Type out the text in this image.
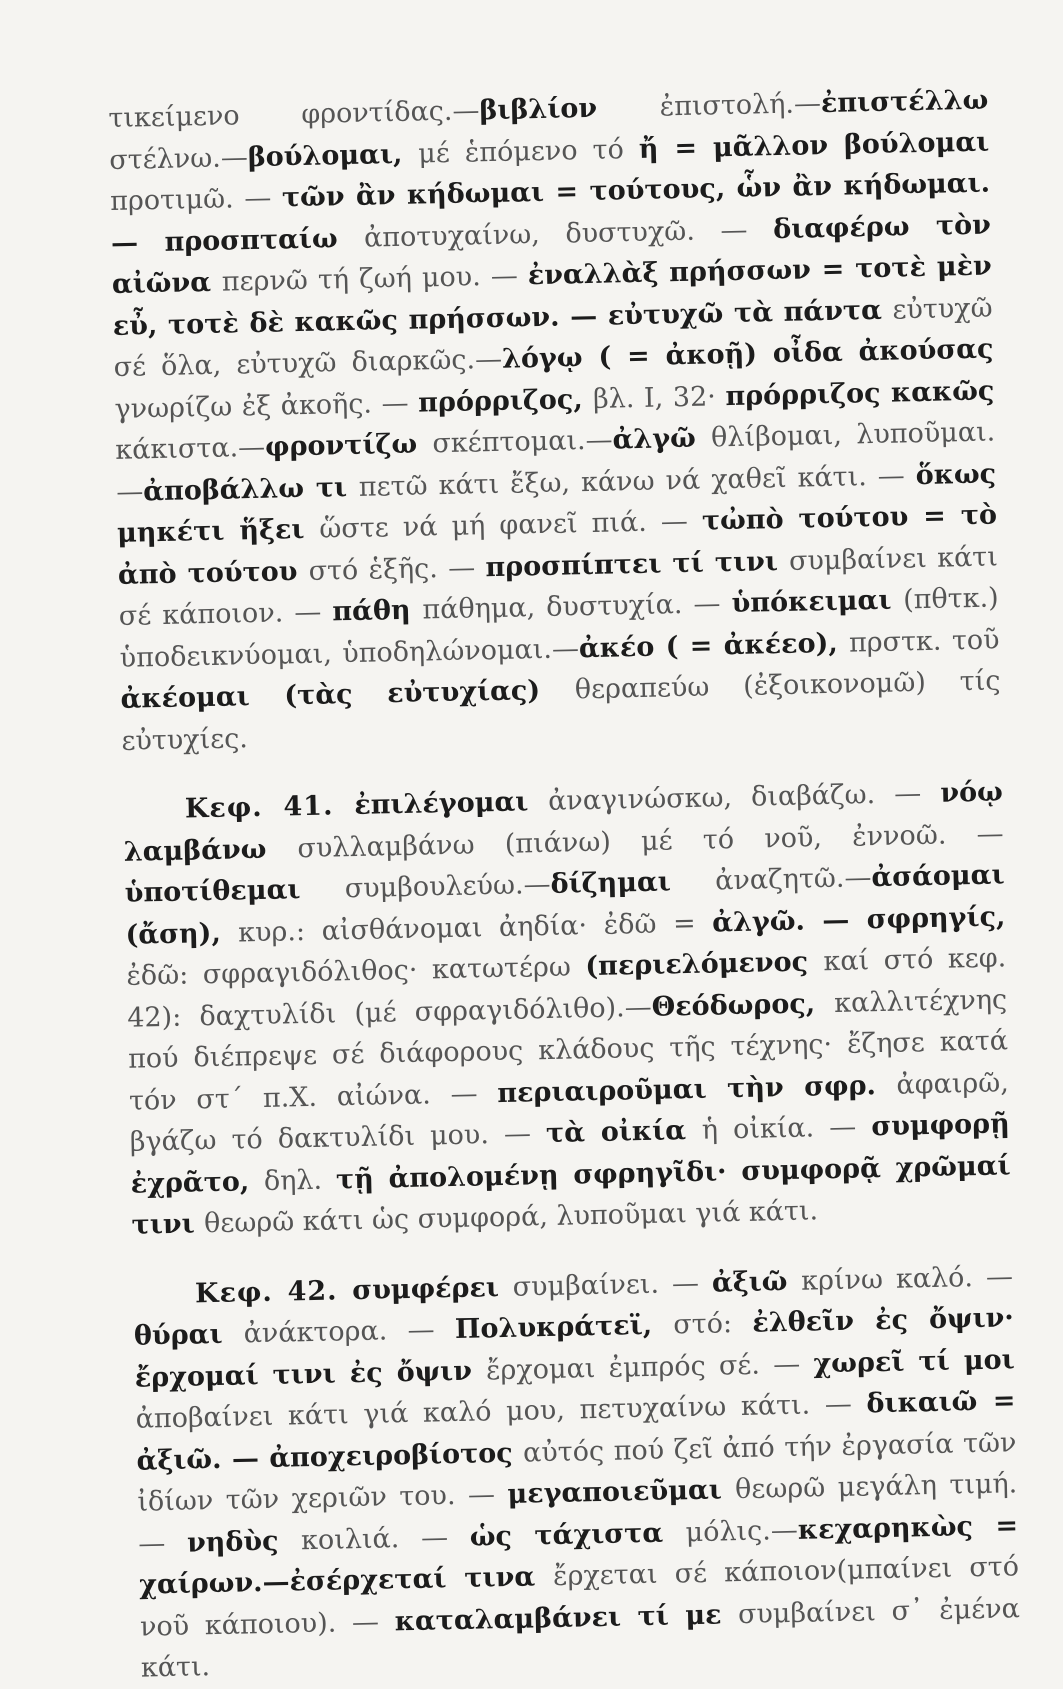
τικείμενο φροντίδας.—βιβλίον ἐπιστολή.—ἐπιστέλλω στέλνω.—βούλομαι, μέ ἑπόμενο τό ἤ = μᾶλλον βούλομαι προτιμῶ. — τῶν ἂν κήδωμαι = τούτους, ὧν ἂν κήδωμαι. — προσπταίω ἀποτυχαίνω, δυστυχῶ. — διαφέρω τὸν αἰῶνα περνῶ τή ζωή μου. — ἐναλλὰξ πρήσσων = τοτὲ μὲν εὖ, τοτὲ δὲ κακῶς πρήσσων. — εὐτυχῶ τὰ πάντα εὐτυχῶ σέ ὅλα, εὐτυχῶ διαρκῶς.—λόγῳ ( = ἀκοῇ) οἶδα ἀκούσας γνωρίζω ἐξ ἀκοῆς. — πρόρριζος, βλ. I, 32· πρόρριζος κακῶς κάκιστα.—φροντίζω σκέπτομαι.—ἀλγῶ θλίβομαι, λυποῦμαι.—ἀποβάλλω τι πετῶ κάτι ἔξω, κάνω νά χαθεῖ κάτι. — ὅκως μηκέτι ἥξει ὥστε νά μή φανεῖ πιά. — τὠπὸ τούτου = τὸ ἀπὸ τούτου στό ἑξῆς. — προσπίπτει τί τινι συμβαίνει κάτι σέ κάποιον. — πάθη πάθημα, δυστυχία. — ὑπόκειμαι (πθτκ.) ὑποδεικνύομαι, ὑποδηλώνομαι.—ἀκέο ( = ἀκέεο), πρστκ. τοῦ ἀκέομαι (τὰς εὐτυχίας) θεραπεύω (ἐξοικονομῶ) τίς εὐτυχίες.

Κεφ. 41. ἐπιλέγομαι ἀναγινώσκω, διαβάζω. — νόῳ λαμβάνω συλλαμβάνω (πιάνω) μέ τό νοῦ, ἐννοῶ. — ὑποτίθεμαι συμβουλεύω.—δίζημαι ἀναζητῶ.—ἀσάομαι (ἄση), κυρ.: αἰσθάνομαι ἀηδία· ἐδῶ = ἀλγῶ. — σφρηγίς, ἐδῶ: σφραγιδόλιθος· κατωτέρω (περιελόμενος καί στό κεφ. 42): δαχτυλίδι (μέ σφραγιδόλιθο).—Θεόδωρος, καλλιτέχνης πού διέπρεψε σέ διάφορους κλάδους τῆς τέχνης· ἔζησε κατά τόν στ΄ π.Χ. αἰώνα. — περιαιροῦμαι τὴν σφρ. ἀφαιρῶ, βγάζω τό δακτυλίδι μου. — τὰ οἰκία ἡ οἰκία. — συμφορῇ ἐχρᾶτο, δηλ. τῇ ἀπολομένῃ σφρηγῖδι· συμφορᾷ χρῶμαί τινι θεωρῶ κάτι ὡς συμφορά, λυποῦμαι γιά κάτι.

Κεφ. 42. συμφέρει συμβαίνει. — ἀξιῶ κρίνω καλό. — θύραι ἀνάκτορα. — Πολυκράτεϊ, στό: ἐλθεῖν ἐς ὄψιν· ἔρχομαί τινι ἐς ὄψιν ἔρχομαι ἐμπρός σέ. — χωρεῖ τί μοι ἀποβαίνει κάτι γιά καλό μου, πετυχαίνω κάτι. — δικαιῶ = ἀξιῶ. — ἀποχειροβίοτος αὐτός πού ζεῖ ἀπό τήν ἐργασία τῶν ἰδίων τῶν χεριῶν του. — μεγαποιεῦμαι θεωρῶ μεγάλη τιμή. — νηδὺς κοιλιά. — ὡς τάχιστα μόλις.—κεχαρηκὼς = χαίρων.—ἐσέρχεταί τινα ἔρχεται σέ κάποιον(μπαίνει στό νοῦ κάποιου). — καταλαμβάνει τί με συμβαίνει σ᾽ ἐμένα κάτι.
